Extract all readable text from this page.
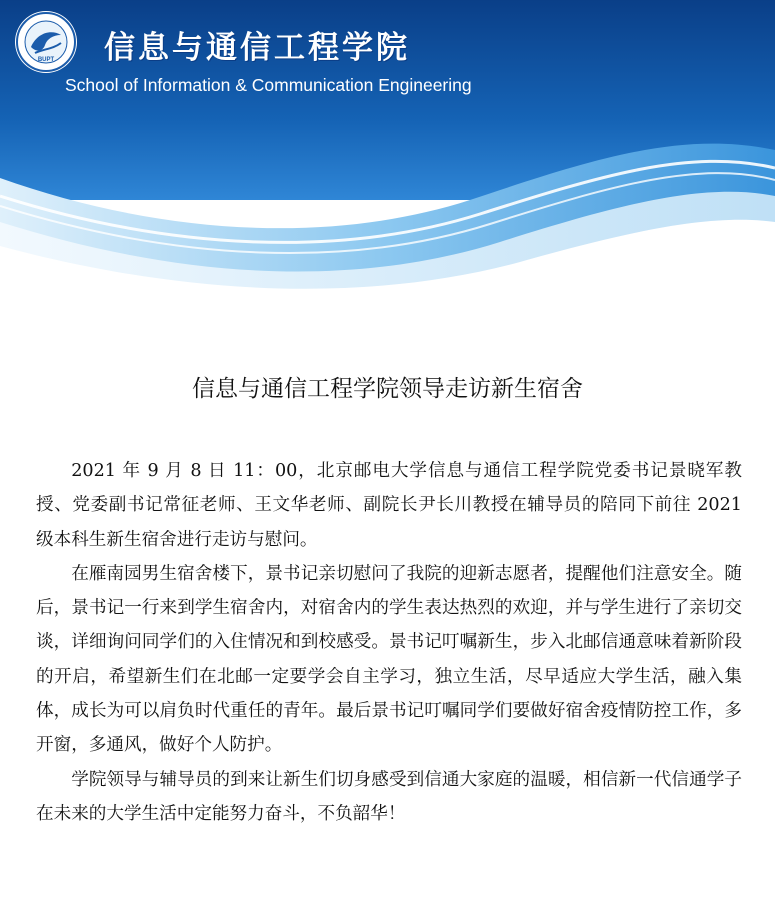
BUPT 信息与通信工程学院
School of Information & Communication Engineering
信息与通信工程学院领导走访新生宿舍

2021 年 9 月 8 日 11：00，北京邮电大学信息与通信工程学院党委书记景晓军教授、党委副书记常征老师、王文华老师、副院长尹长川教授在辅导员的陪同下前往 2021 级本科生新生宿舍进行走访与慰问。

在雁南园男生宿舍楼下，景书记亲切慰问了我院的迎新志愿者，提醒他们注意安全。随后，景书记一行来到学生宿舍内，对宿舍内的学生表达热烈的欢迎，并与学生进行了亲切交谈，详细询问同学们的入住情况和到校感受。景书记叮嘱新生，步入北邮信通意味着新阶段的开启，希望新生们在北邮一定要学会自主学习，独立生活，尽早适应大学生活，融入集体，成长为可以肩负时代重任的青年。最后景书记叮嘱同学们要做好宿舍疫情防控工作，多开窗，多通风，做好个人防护。

学院领导与辅导员的到来让新生们切身感受到信通大家庭的温暖，相信新一代信通学子在未来的大学生活中定能努力奋斗，不负韶华！
